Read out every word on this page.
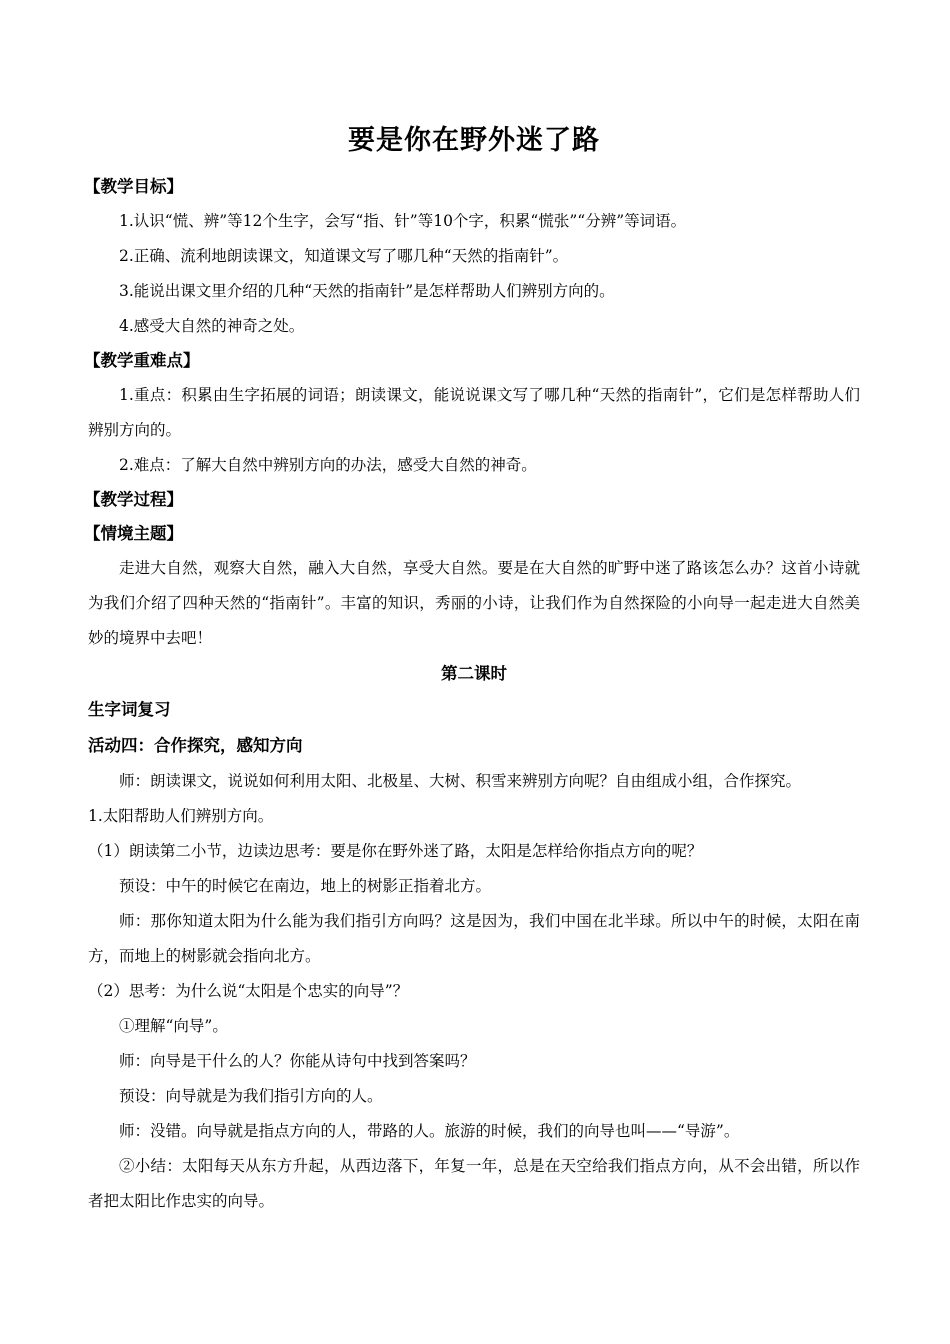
要是你在野外迷了路

【教学目标】

1.认识“慌、辨”等12个生字，会写“指、针”等10个字，积累“慌张”“分辨”等词语。

2.正确、流利地朗读课文，知道课文写了哪几种“天然的指南针”。

3.能说出课文里介绍的几种“天然的指南针”是怎样帮助人们辨别方向的。

4.感受大自然的神奇之处。

【教学重难点】

1.重点：积累由生字拓展的词语；朗读课文，能说说课文写了哪几种“天然的指南针”，它们是怎样帮助人们辨别方向的。

2.难点：了解大自然中辨别方向的办法，感受大自然的神奇。

【教学过程】

【情境主题】

走进大自然，观察大自然，融入大自然，享受大自然。要是在大自然的旷野中迷了路该怎么办？这首小诗就为我们介绍了四种天然的“指南针”。丰富的知识，秀丽的小诗，让我们作为自然探险的小向导一起走进大自然美妙的境界中去吧！

第二课时

生字词复习

活动四：合作探究，感知方向

师：朗读课文，说说如何利用太阳、北极星、大树、积雪来辨别方向呢？自由组成小组，合作探究。

1.太阳帮助人们辨别方向。

（1）朗读第二小节，边读边思考：要是你在野外迷了路，太阳是怎样给你指点方向的呢？

预设：中午的时候它在南边，地上的树影正指着北方。

师：那你知道太阳为什么能为我们指引方向吗？这是因为，我们中国在北半球。所以中午的时候，太阳在南方，而地上的树影就会指向北方。

（2）思考：为什么说“太阳是个忠实的向导”？

①理解“向导”。

师：向导是干什么的人？你能从诗句中找到答案吗？

预设：向导就是为我们指引方向的人。

师：没错。向导就是指点方向的人，带路的人。旅游的时候，我们的向导也叫——“导游”。

②小结：太阳每天从东方升起，从西边落下，年复一年，总是在天空给我们指点方向，从不会出错，所以作者把太阳比作忠实的向导。
